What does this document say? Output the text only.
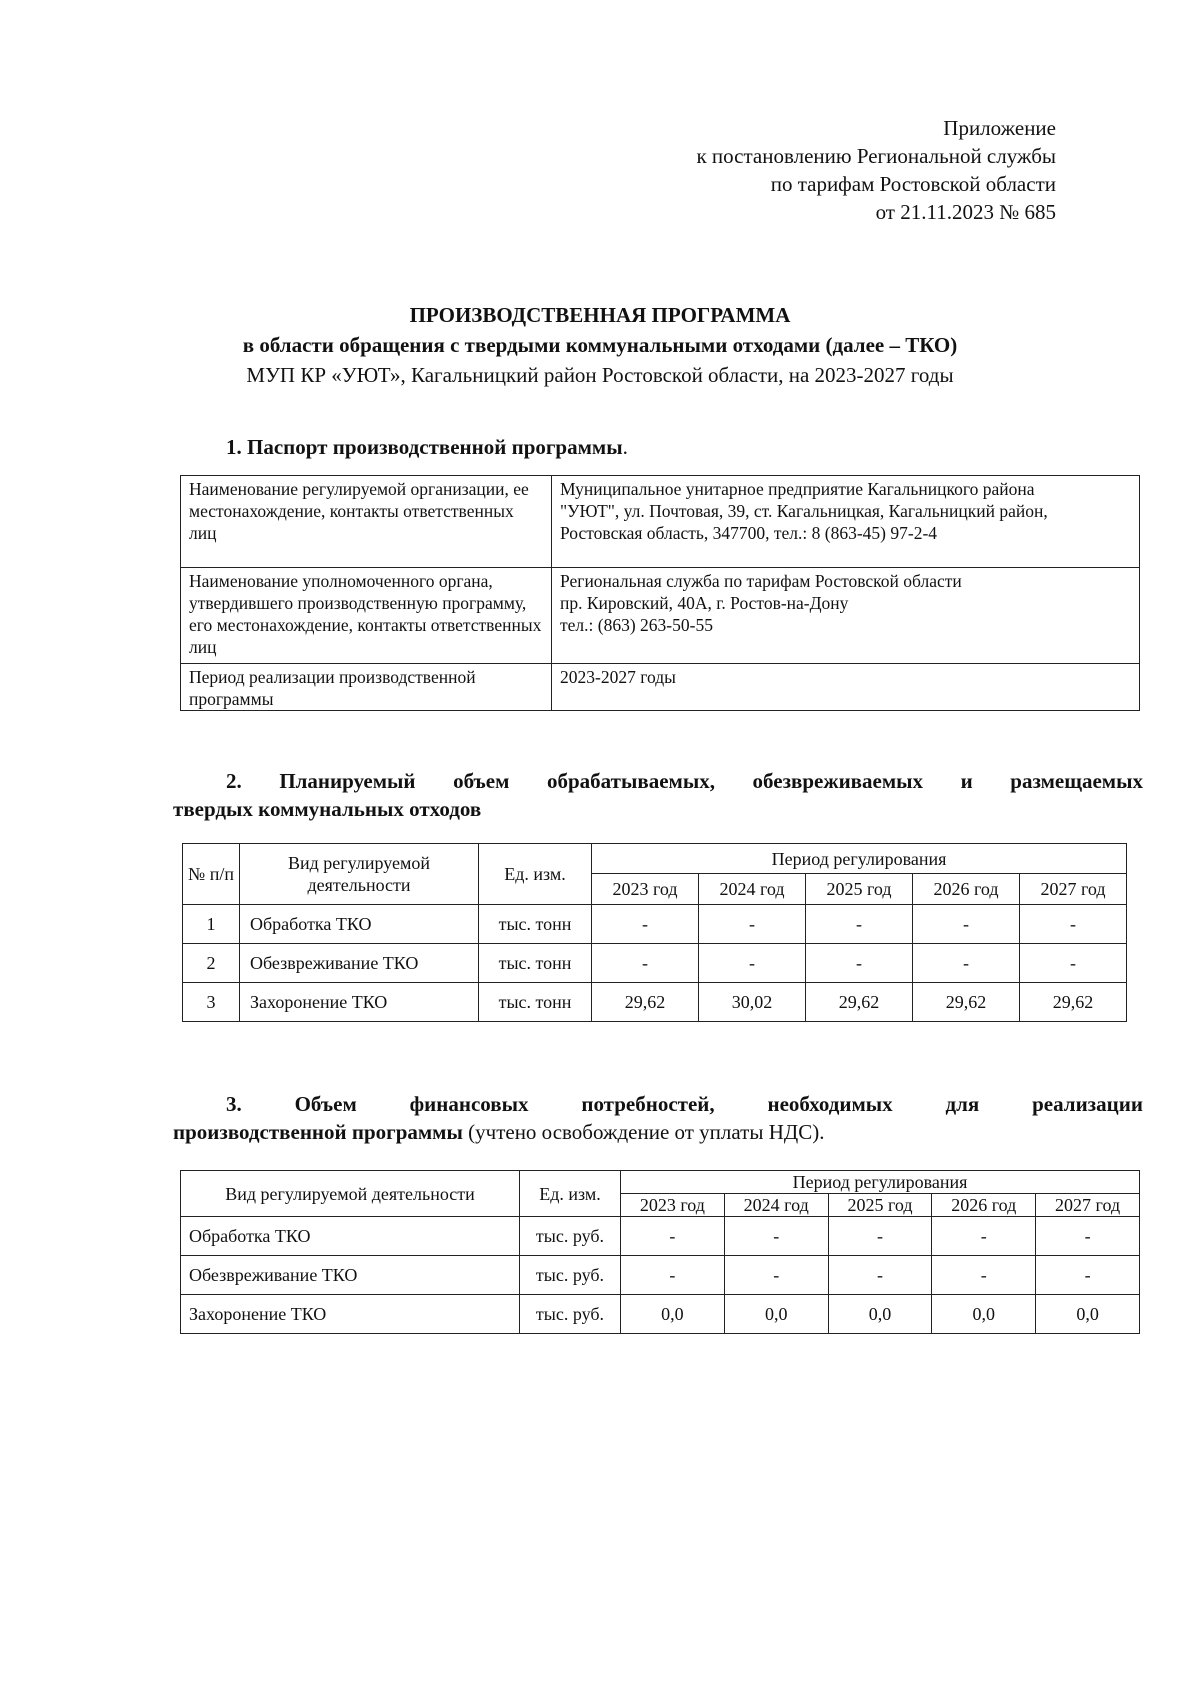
Приложение
к постановлению Региональной службы
по тарифам Ростовской области
от 21.11.2023 № 685
ПРОИЗВОДСТВЕННАЯ ПРОГРАММА
в области обращения с твердыми коммунальными отходами (далее – ТКО)
МУП КР «УЮТ», Кагальницкий район Ростовской области, на 2023-2027 годы
1. Паспорт производственной программы.
Наименование регулируемой организации, ее местонахождение, контакты ответственных лиц	Муниципальное унитарное предприятие Кагальницкого района
"УЮТ", ул. Почтовая, 39, ст. Кагальницкая, Кагальницкий район,
Ростовская область, 347700, тел.: 8 (863-45) 97-2-4

Наименование уполномоченного органа, утвердившего производственную программу, его местонахождение, контакты ответственных лиц	Региональная служба по тарифам Ростовской области
пр. Кировский, 40А, г. Ростов-на-Дону
тел.: (863) 263-50-55

Период реализации производственной программы	2023-2027 годы
2. Планируемый объем обрабатываемых, обезвреживаемых и размещаемых
твердых коммунальных отходов
№ п/п	Вид регулируемой деятельности	Ед. изм.	Период регулирования				
			2023 год	2024 год	2025 год	2026 год	2027 год
1	Обработка ТКО	тыс. тонн	-	-	-	-	-
2	Обезвреживание ТКО	тыс. тонн	-	-	-	-	-
3	Захоронение ТКО	тыс. тонн	29,62	30,02	29,62	29,62	29,62
3.	Объем	финансовых	потребностей,	необходимых	для	реализации
производственной программы (учтено освобождение от уплаты НДС).
Вид регулируемой деятельности	Ед. изм.	Период регулирования				
		2023 год	2024 год	2025 год	2026 год	2027 год
Обработка ТКО	тыс. руб.	-	-	-	-	-
Обезвреживание ТКО	тыс. руб.	-	-	-	-	-
Захоронение ТКО	тыс. руб.	0,0	0,0	0,0	0,0	0,0
